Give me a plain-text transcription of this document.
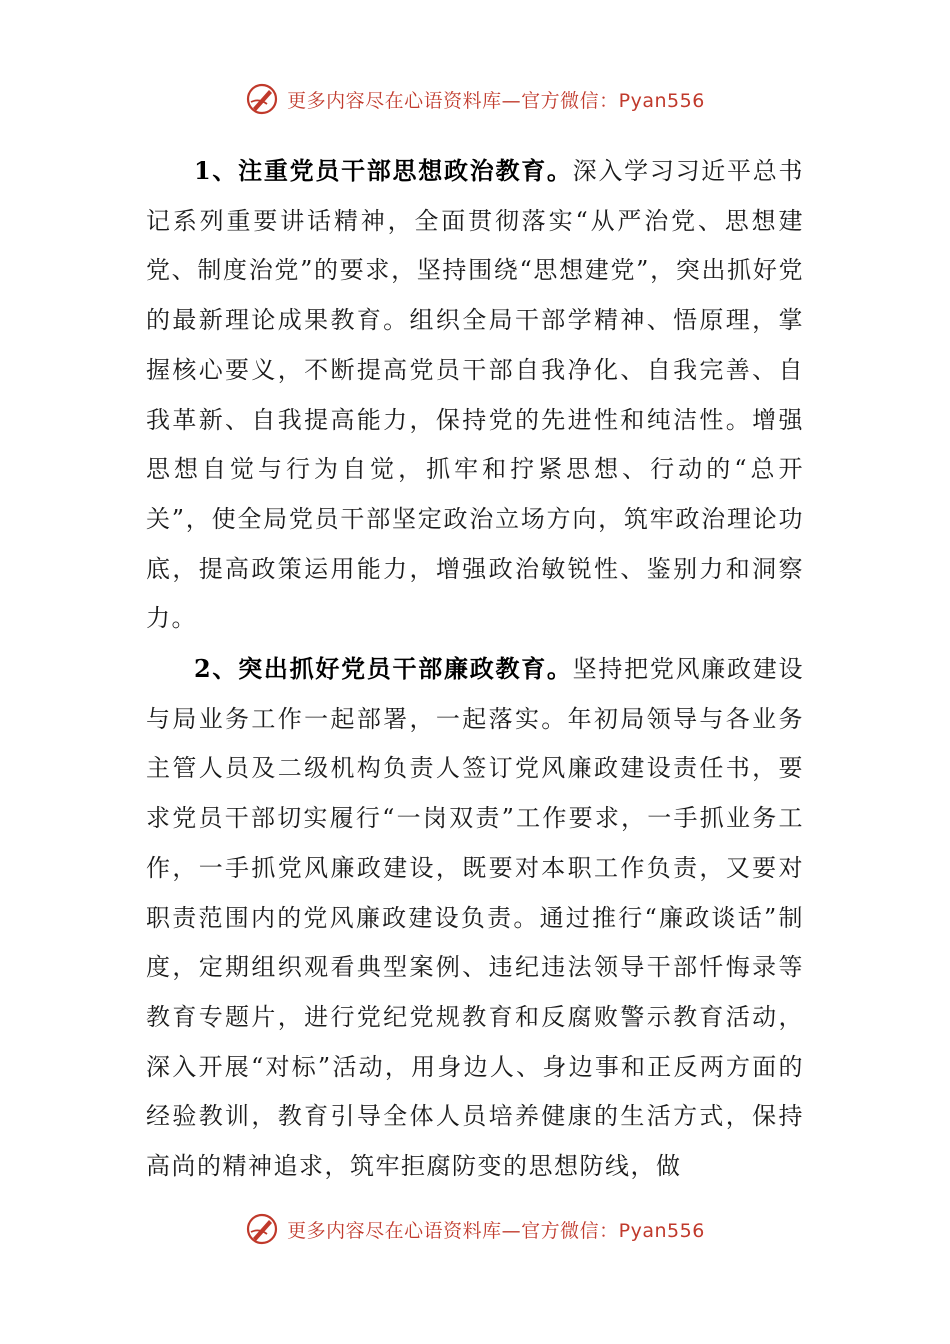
更多内容尽在心语资料库—官方微信：Pyan556

1、注重党员干部思想政治教育。深入学习习近平总书记系列重要讲话精神，全面贯彻落实“从严治党、思想建党、制度治党”的要求，坚持围绕“思想建党”，突出抓好党的最新理论成果教育。组织全局干部学精神、悟原理，掌握核心要义，不断提高党员干部自我净化、自我完善、自我革新、自我提高能力，保持党的先进性和纯洁性。增强思想自觉与行为自觉，抓牢和拧紧思想、行动的“总开关”，使全局党员干部坚定政治立场方向，筑牢政治理论功底，提高政策运用能力，增强政治敏锐性、鉴别力和洞察力。

2、突出抓好党员干部廉政教育。坚持把党风廉政建设与局业务工作一起部署，一起落实。年初局领导与各业务主管人员及二级机构负责人签订党风廉政建设责任书，要求党员干部切实履行“一岗双责”工作要求，一手抓业务工作，一手抓党风廉政建设，既要对本职工作负责，又要对职责范围内的党风廉政建设负责。通过推行“廉政谈话”制度，定期组织观看典型案例、违纪违法领导干部忏悔录等教育专题片，进行党纪党规教育和反腐败警示教育活动，深入开展“对标”活动，用身边人、身边事和正反两方面的经验教训，教育引导全体人员培养健康的生活方式，保持高尚的精神追求，筑牢拒腐防变的思想防线，做

更多内容尽在心语资料库—官方微信：Pyan556
